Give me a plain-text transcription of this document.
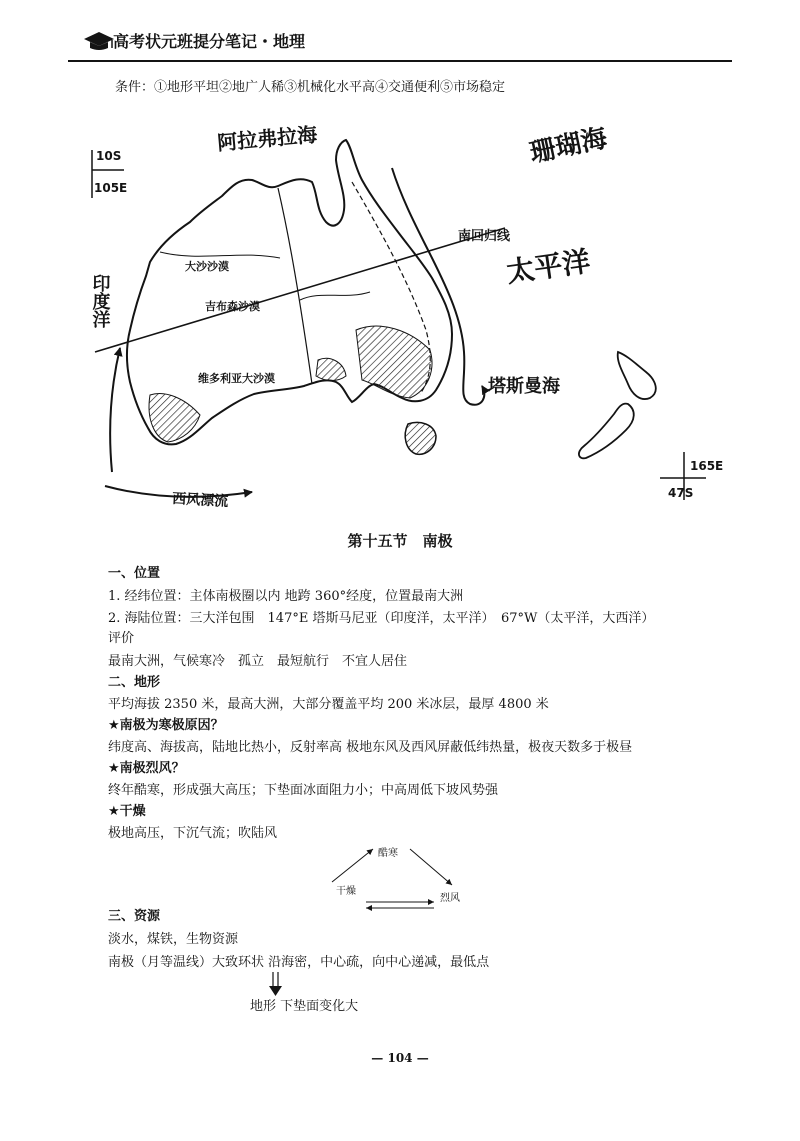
高考状元班提分笔记・地理
条件：①地形平坦②地广人稀③机械化水平高④交通便利⑤市场稳定
10S
105E
阿拉弗拉海	珊瑚海
太平洋
南回归线
塔斯曼海
印度洋
西风漂流
大沙沙漠
吉布森沙漠
维多利亚大沙漠
165E
47S
第十五节　南极
一、位置
1. 经纬位置：主体南极圈以内 地跨 360°经度，位置最南大洲
2. 海陆位置：三大洋包围　147°E 塔斯马尼亚（印度洋，太平洋）　67°W（太平洋，大西洋）
评价
最南大洲，气候寒冷　孤立　最短航行　不宜人居住
二、地形
平均海拔 2350 米，最高大洲，大部分覆盖平均 200 米冰层，最厚 4800 米
★南极为寒极原因？
纬度高、海拔高，陆地比热小，反射率高 极地东风及西风屏蔽低纬热量，极夜天数多于极昼
★南极烈风？
终年酷寒，形成强大高压；下垫面冰面阻力小；中高周低下坡风势强
★干燥
极地高压，下沉气流；吹陆风
酷寒
干燥
烈风
三、资源
淡水，煤铁，生物资源
南极（月等温线）大致环状 沿海密，中心疏，向中心递减，最低点
地形 下垫面变化大
— 104 —
